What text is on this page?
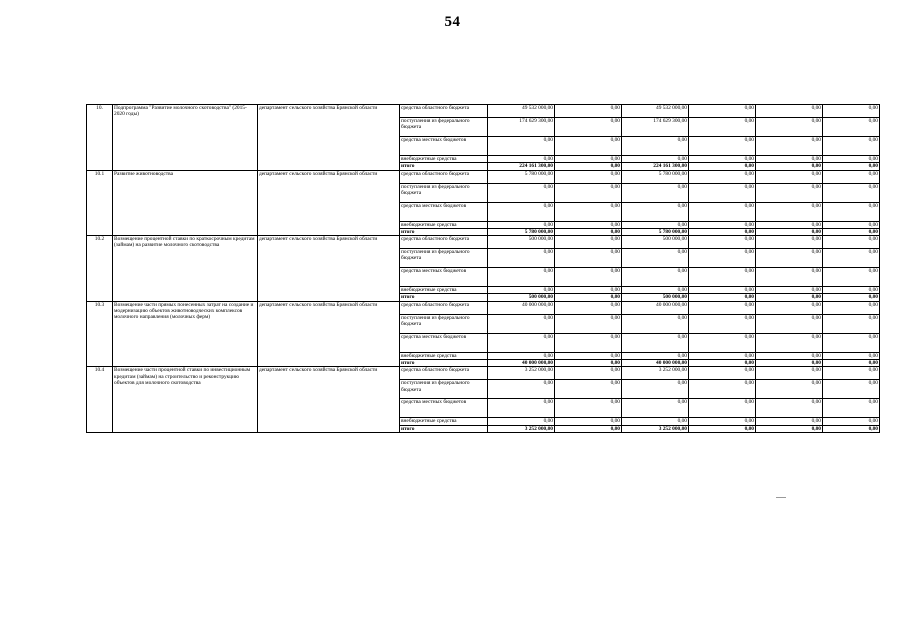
54
10.	Подпрограмма "Развитие молочного скотоводства" (2015-2020 годы)	департамент сельского хозяйства Брянской области	средства областного бюджета	49 532 000,00	0,00	49 532 000,00	0,00	0,00	0,00
			поступления из федерального бюджета	174 629 300,00	0,00	174 629 300,00	0,00	0,00	0,00
			средства местных бюджетов	0,00	0,00	0,00	0,00	0,00	0,00
			внебюджетные средства	0,00	0,00	0,00	0,00	0,00	0,00
			итого	224 161 300,00	0,00	224 161 300,00	0,00	0,00	0,00
10.1	Развитие животноводства	департамент сельского хозяйства Брянской области	средства областного бюджета	5 780 000,00	0,00	5 780 000,00	0,00	0,00	0,00
			поступления из федерального бюджета	0,00	0,00	0,00	0,00	0,00	0,00
			средства местных бюджетов	0,00	0,00	0,00	0,00	0,00	0,00
			внебюджетные средства	0,00	0,00	0,00	0,00	0,00	0,00
			итого	5 780 000,00	0,00	5 780 000,00	0,00	0,00	0,00
10.2	Возмещение процентной ставки по краткосрочным кредитам (займам) на развитие молочного скотоводства	департамент сельского хозяйства Брянской области	средства областного бюджета	500 000,00	0,00	500 000,00	0,00	0,00	0,00
			поступления из федерального бюджета	0,00	0,00	0,00	0,00	0,00	0,00
			средства местных бюджетов	0,00	0,00	0,00	0,00	0,00	0,00
			внебюджетные средства	0,00	0,00	0,00	0,00	0,00	0,00
			итого	500 000,00	0,00	500 000,00	0,00	0,00	0,00
10.3	Возмещение части прямых понесенных затрат на создание и модернизацию объектов животноводческих комплексов молочного направления (молочных ферм)	департамент сельского хозяйства Брянской области	средства областного бюджета	40 000 000,00	0,00	40 000 000,00	0,00	0,00	0,00
			поступления из федерального бюджета	0,00	0,00	0,00	0,00	0,00	0,00
			средства местных бюджетов	0,00	0,00	0,00	0,00	0,00	0,00
			внебюджетные средства	0,00	0,00	0,00	0,00	0,00	0,00
			итого	40 000 000,00	0,00	40 000 000,00	0,00	0,00	0,00
10.4	Возмещение части процентной ставки по инвестиционным кредитам (займам) на строительство и реконструкцию объектов для молочного скотоводства	департамент сельского хозяйства Брянской области	средства областного бюджета	3 252 000,00	0,00	3 252 000,00	0,00	0,00	0,00
			поступления из федерального бюджета	0,00	0,00	0,00	0,00	0,00	0,00
			средства местных бюджетов	0,00	0,00	0,00	0,00	0,00	0,00
			внебюджетные средства	0,00	0,00	0,00	0,00	0,00	0,00
			итого	3 252 000,00	0,00	3 252 000,00	0,00	0,00	0,00
